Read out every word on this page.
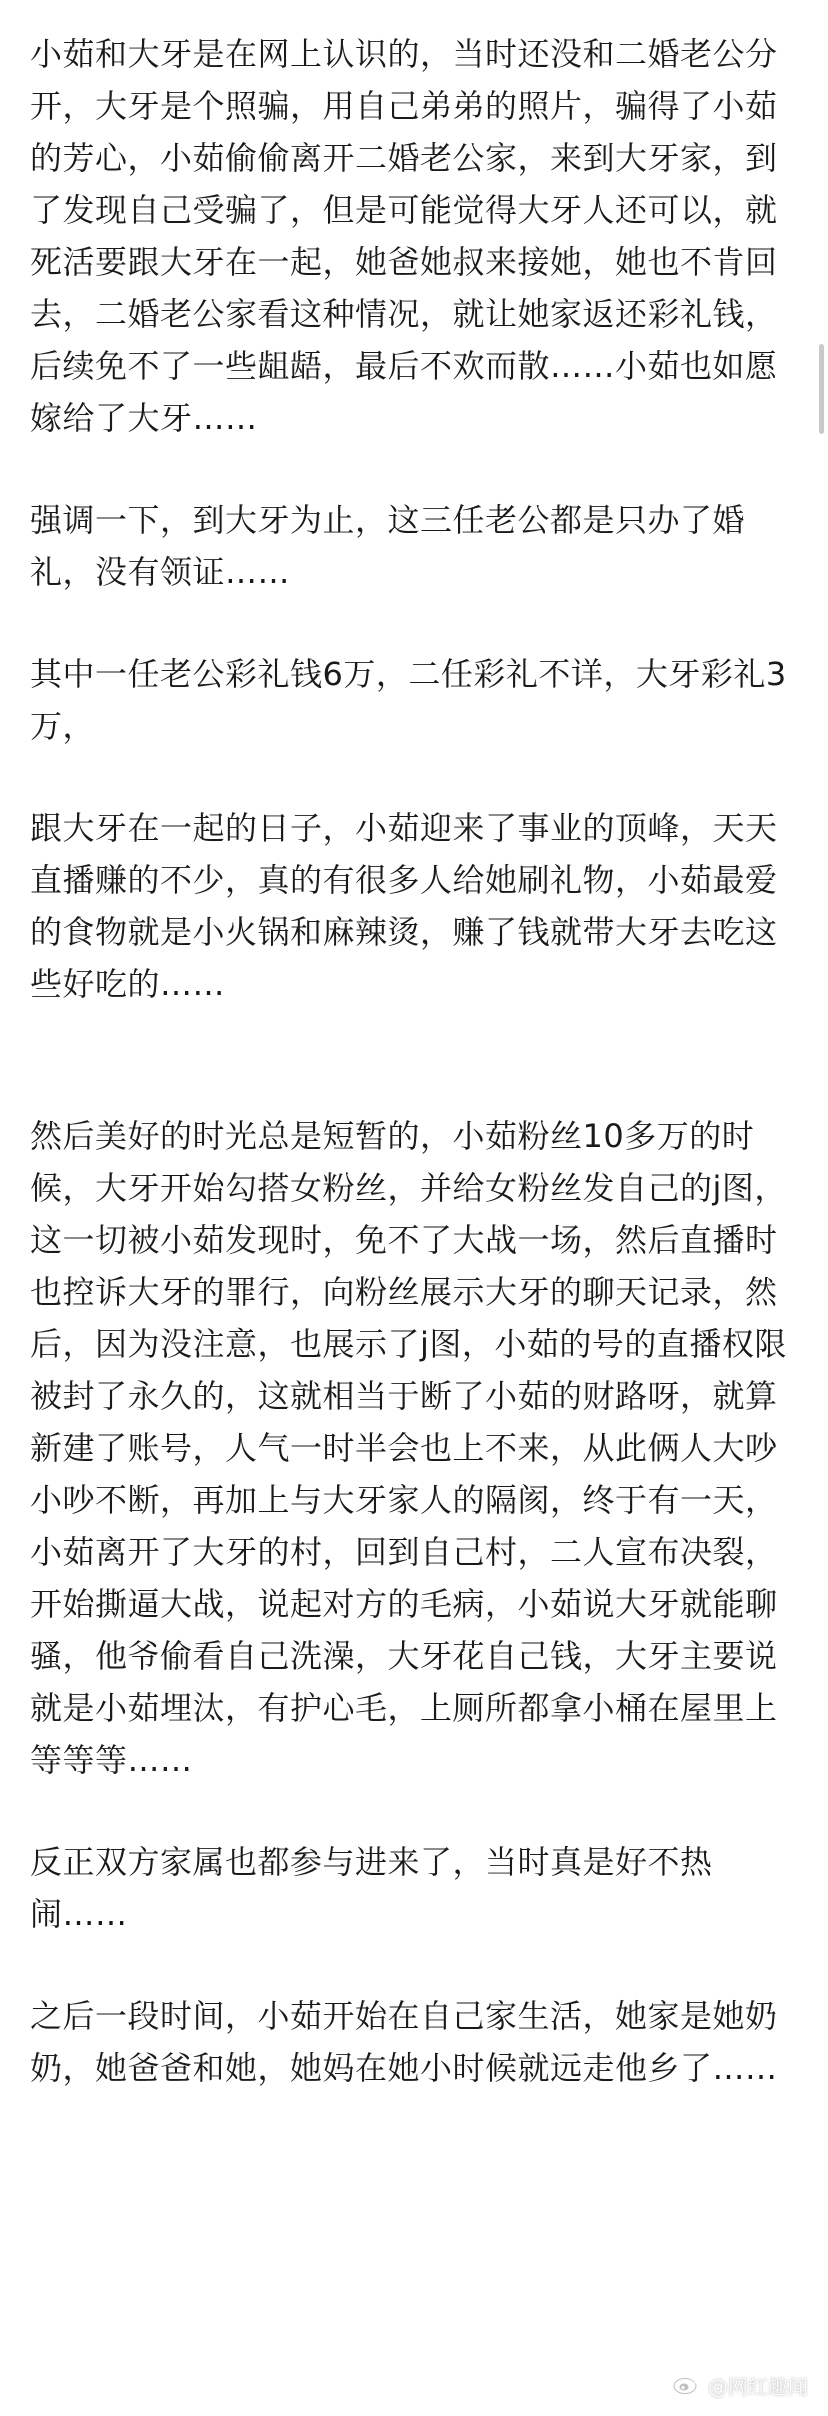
小茹和大牙是在网上认识的，当时还没和二婚老公分开，大牙是个照骗，用自己弟弟的照片，骗得了小茹的芳心，小茹偷偷离开二婚老公家，来到大牙家，到了发现自己受骗了，但是可能觉得大牙人还可以，就死活要跟大牙在一起，她爸她叔来接她，她也不肯回去，二婚老公家看这种情况，就让她家返还彩礼钱，后续免不了一些龃龉，最后不欢而散……小茹也如愿嫁给了大牙……

强调一下，到大牙为止，这三任老公都是只办了婚礼，没有领证……

其中一任老公彩礼钱6万，二任彩礼不详，大牙彩礼3万，

跟大牙在一起的日子，小茹迎来了事业的顶峰，天天直播赚的不少，真的有很多人给她刷礼物，小茹最爱的食物就是小火锅和麻辣烫，赚了钱就带大牙去吃这些好吃的……

然后美好的时光总是短暂的，小茹粉丝10多万的时候，大牙开始勾搭女粉丝，并给女粉丝发自己的j图，这一切被小茹发现时，免不了大战一场，然后直播时也控诉大牙的罪行，向粉丝展示大牙的聊天记录，然后，因为没注意，也展示了j图，小茹的号的直播权限被封了永久的，这就相当于断了小茹的财路呀，就算新建了账号，人气一时半会也上不来，从此俩人大吵小吵不断，再加上与大牙家人的隔阂，终于有一天，小茹离开了大牙的村，回到自己村，二人宣布决裂，开始撕逼大战，说起对方的毛病，小茹说大牙就能聊骚，他爷偷看自己洗澡，大牙花自己钱，大牙主要说就是小茹埋汰，有护心毛，上厕所都拿小桶在屋里上等等等……

反正双方家属也都参与进来了，当时真是好不热闹……

之后一段时间，小茹开始在自己家生活，她家是她奶奶，她爸爸和她，她妈在她小时候就远走他乡了……

@网红趣闻
